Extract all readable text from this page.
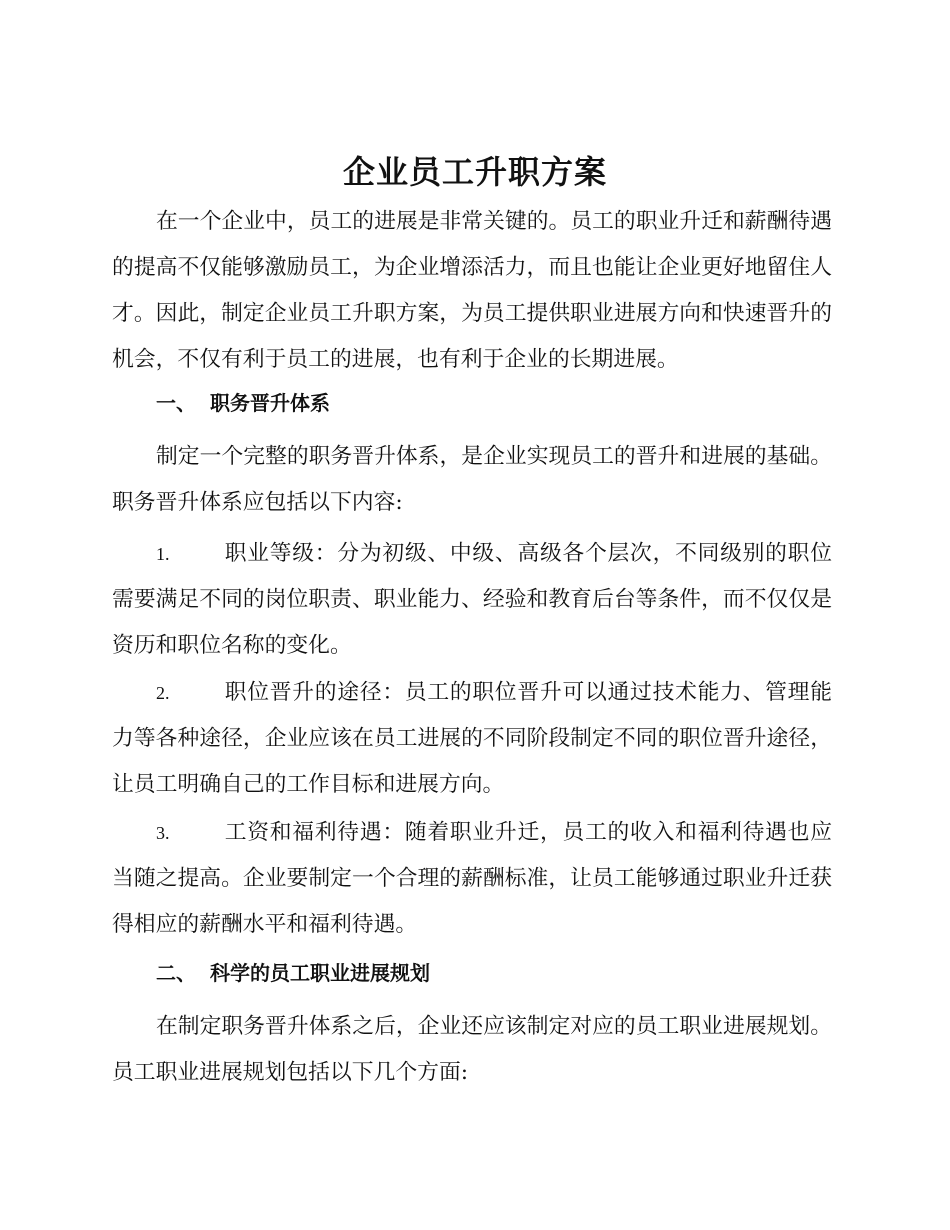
企业员工升职方案

在一个企业中，员工的进展是非常关键的。员工的职业升迁和薪酬待遇的提高不仅能够激励员工，为企业增添活力，而且也能让企业更好地留住人才。因此，制定企业员工升职方案，为员工提供职业进展方向和快速晋升的机会，不仅有利于员工的进展，也有利于企业的长期进展。

一、 职务晋升体系

制定一个完整的职务晋升体系，是企业实现员工的晋升和进展的基础。职务晋升体系应包括以下内容:

1.	职业等级：分为初级、中级、高级各个层次，不同级别的职位需要满足不同的岗位职责、职业能力、经验和教育后台等条件，而不仅仅是资历和职位名称的变化。

2.	职位晋升的途径：员工的职位晋升可以通过技术能力、管理能力等各种途径，企业应该在员工进展的不同阶段制定不同的职位晋升途径，让员工明确自己的工作目标和进展方向。

3.	工资和福利待遇：随着职业升迁，员工的收入和福利待遇也应当随之提高。企业要制定一个合理的薪酬标准，让员工能够通过职业升迁获得相应的薪酬水平和福利待遇。

二、 科学的员工职业进展规划

在制定职务晋升体系之后，企业还应该制定对应的员工职业进展规划。员工职业进展规划包括以下几个方面:
